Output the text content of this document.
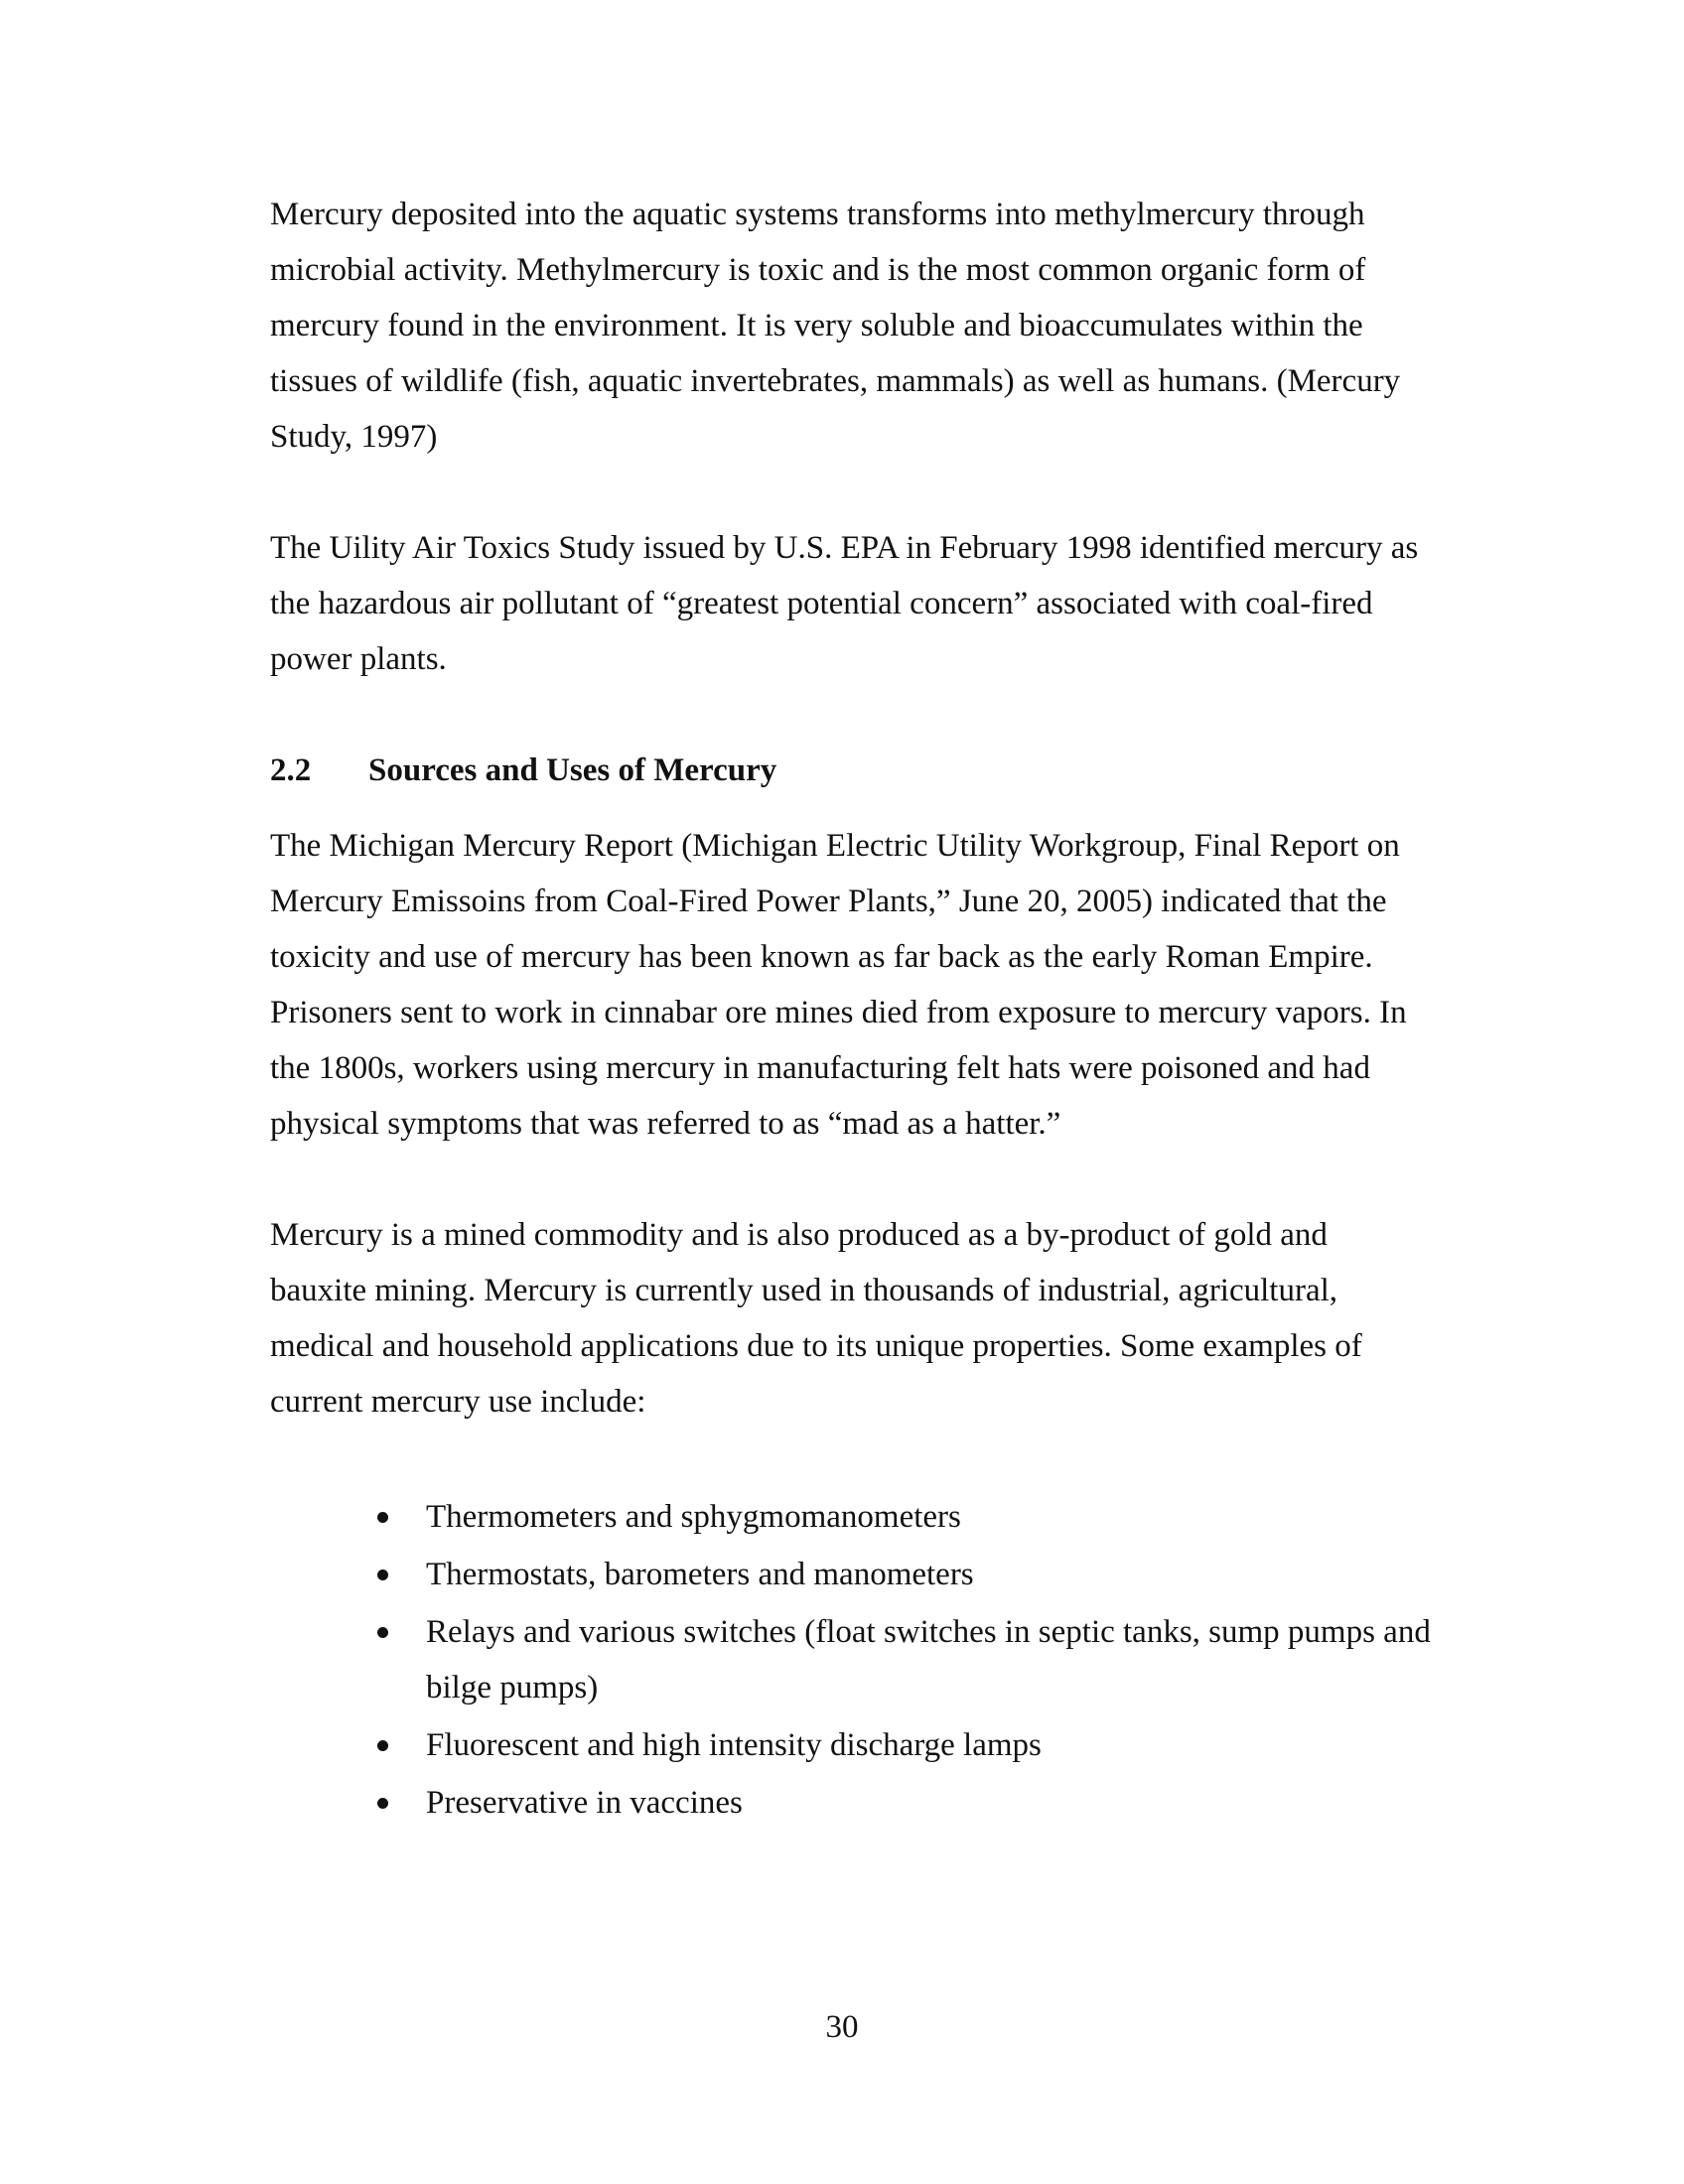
Mercury deposited into the aquatic systems transforms into methylmercury through microbial activity. Methylmercury is toxic and is the most common organic form of mercury found in the environment. It is very soluble and bioaccumulates within the tissues of wildlife (fish, aquatic invertebrates, mammals) as well as humans. (Mercury Study, 1997)

The Uility Air Toxics Study issued by U.S. EPA in February 1998 identified mercury as the hazardous air pollutant of “greatest potential concern” associated with coal-fired power plants.

2.2 Sources and Uses of Mercury

The Michigan Mercury Report (Michigan Electric Utility Workgroup, Final Report on Mercury Emissoins from Coal-Fired Power Plants,” June 20, 2005) indicated that the toxicity and use of mercury has been known as far back as the early Roman Empire. Prisoners sent to work in cinnabar ore mines died from exposure to mercury vapors. In the 1800s, workers using mercury in manufacturing felt hats were poisoned and had physical symptoms that was referred to as “mad as a hatter.”

Mercury is a mined commodity and is also produced as a by-product of gold and bauxite mining. Mercury is currently used in thousands of industrial, agricultural, medical and household applications due to its unique properties. Some examples of current mercury use include:

Thermometers and sphygmomanometers
Thermostats, barometers and manometers
Relays and various switches (float switches in septic tanks, sump pumps and bilge pumps)
Fluorescent and high intensity discharge lamps
Preservative in vaccines

30
